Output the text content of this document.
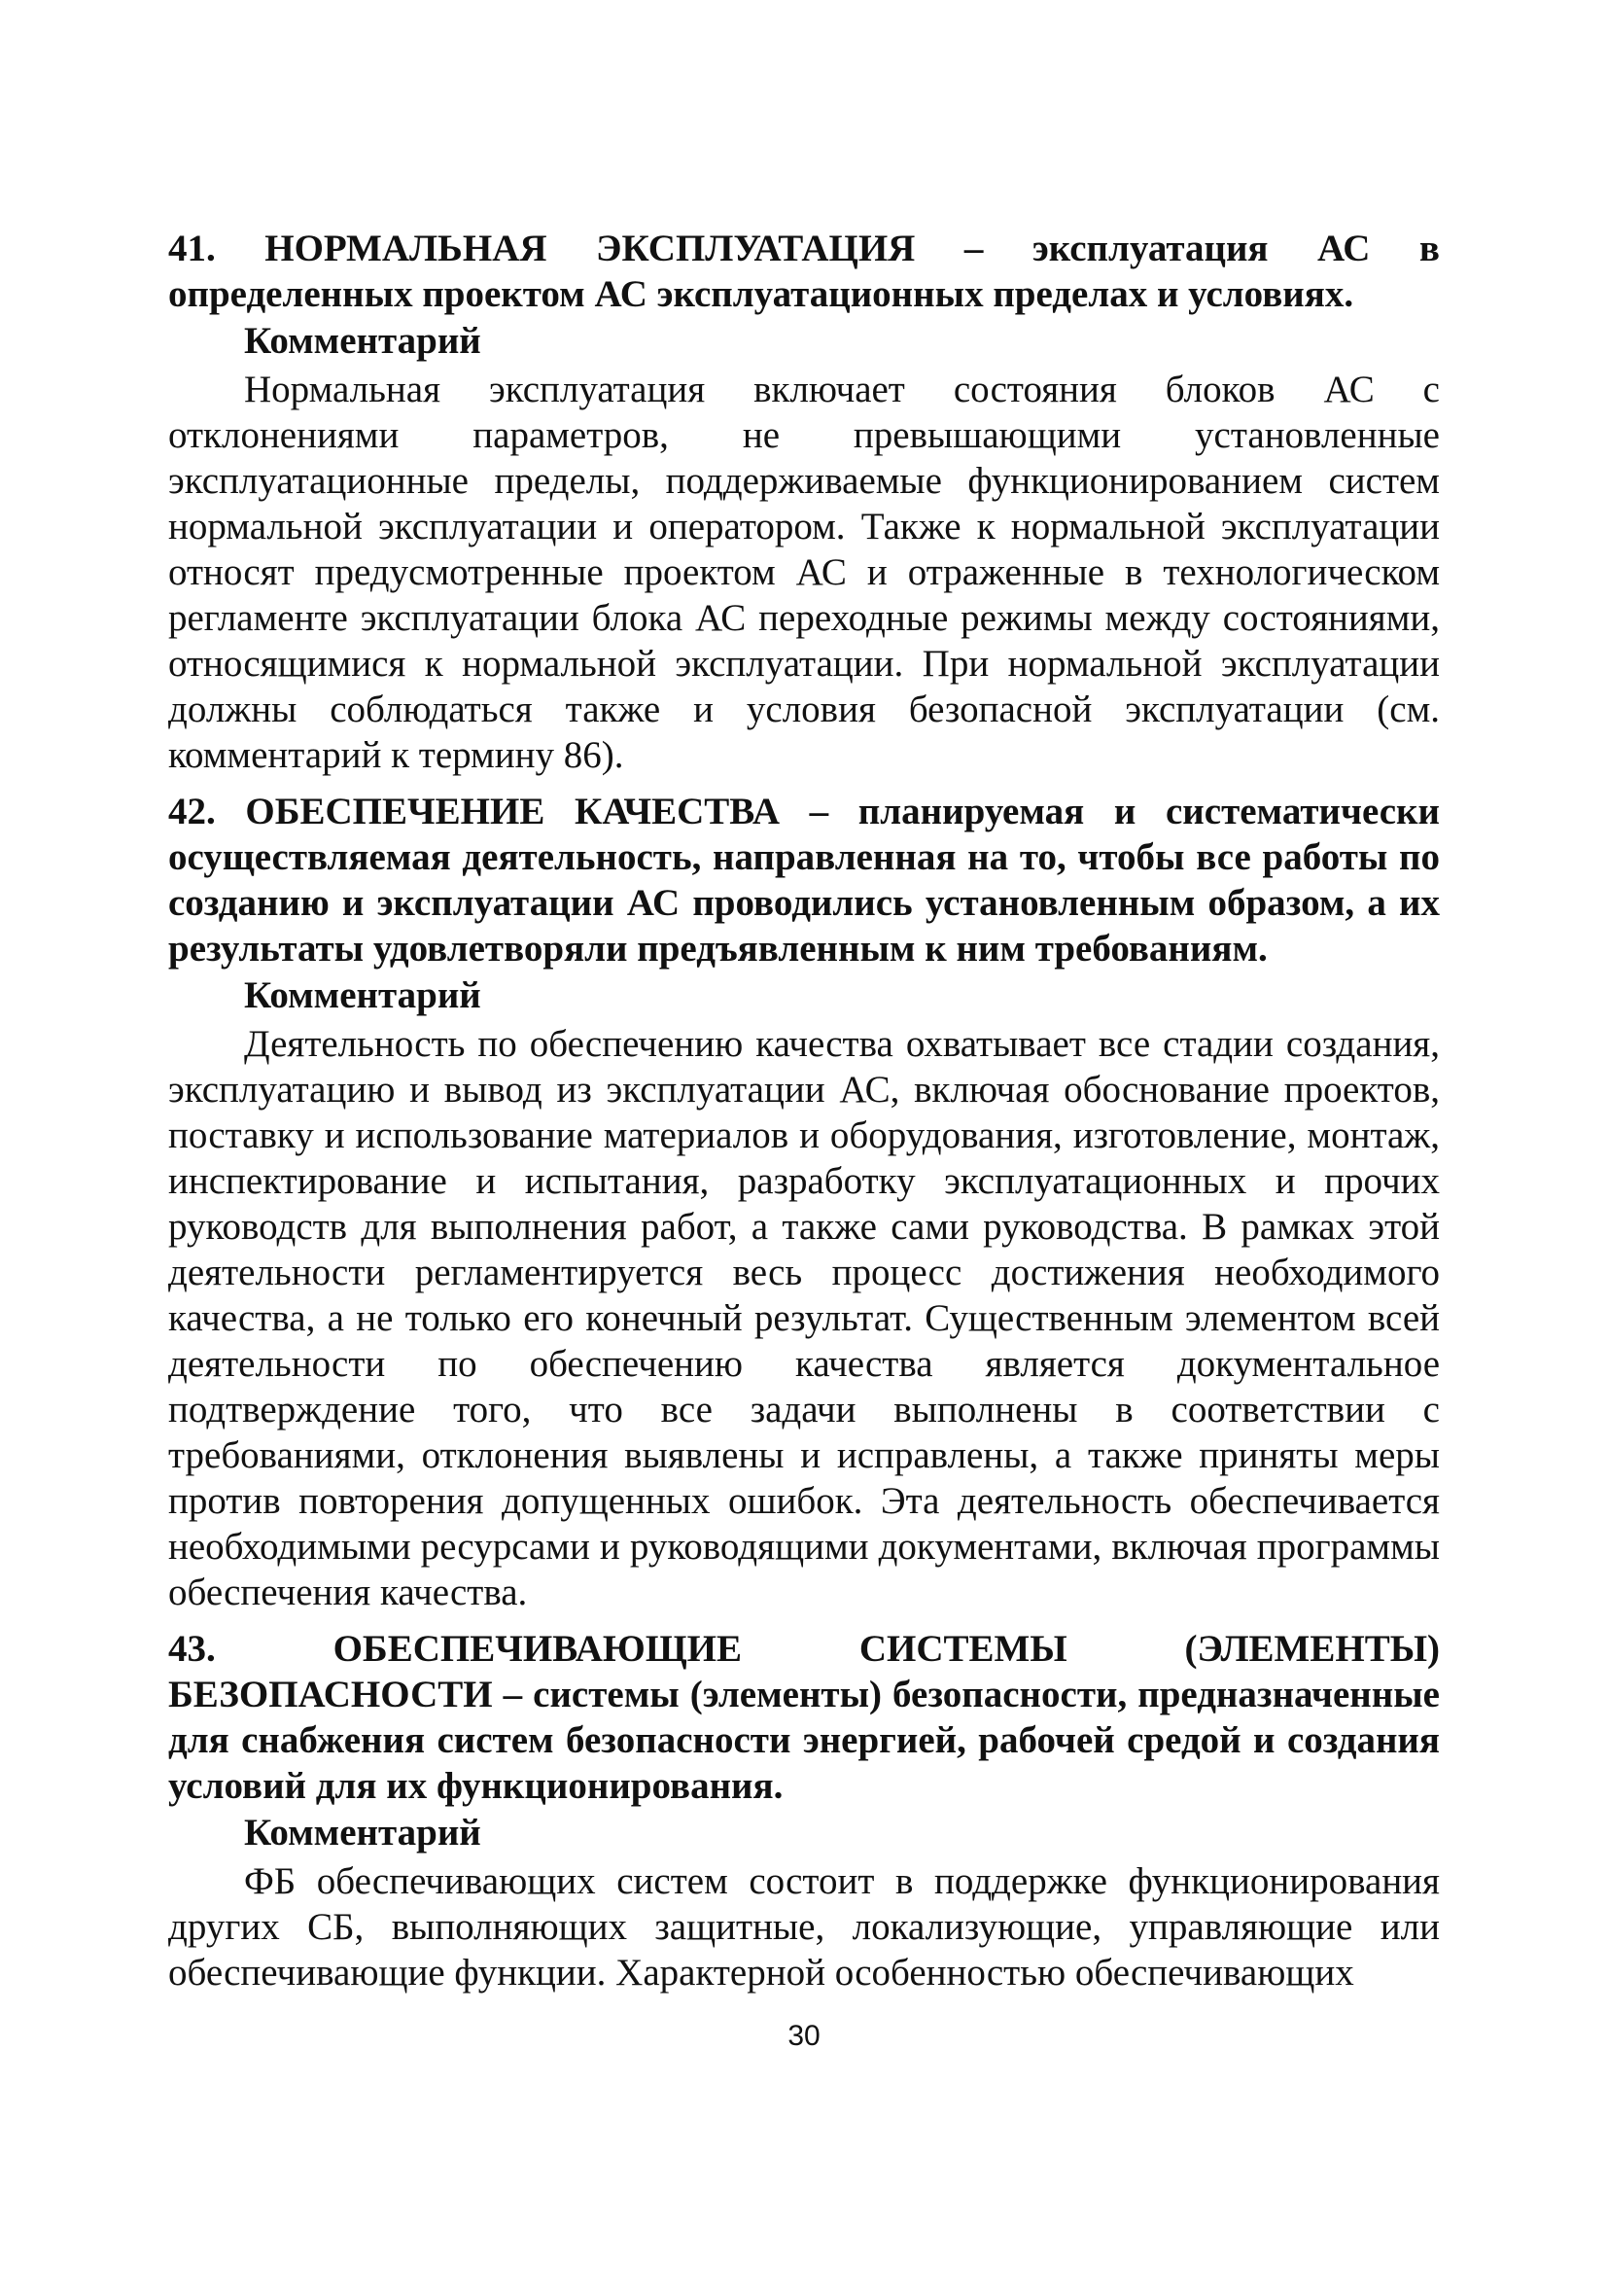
41. НОРМАЛЬНАЯ ЭКСПЛУАТАЦИЯ – эксплуатация АС в определенных проектом АС эксплуатационных пределах и условиях.

Комментарий

Нормальная эксплуатация включает состояния блоков АС с отклонениями параметров, не превышающими установленные эксплуатационные пределы, поддерживаемые функционированием систем нормальной эксплуатации и оператором. Также к нормальной эксплуатации относят предусмотренные проектом АС и отраженные в технологическом регламенте эксплуатации блока АС переходные режимы между состояниями, относящимися к нормальной эксплуатации. При нормальной эксплуатации должны соблюдаться также и условия безопасной эксплуатации (см. комментарий к термину 86).

42. ОБЕСПЕЧЕНИЕ КАЧЕСТВА – планируемая и систематически осуществляемая деятельность, направленная на то, чтобы все работы по созданию и эксплуатации АС проводились установленным образом, а их результаты удовлетворяли предъявленным к ним требованиям.

Комментарий

Деятельность по обеспечению качества охватывает все стадии создания, эксплуатацию и вывод из эксплуатации АС, включая обоснование проектов, поставку и использование материалов и оборудования, изготовление, монтаж, инспектирование и испытания, разработку эксплуатационных и прочих руководств для выполнения работ, а также сами руководства. В рамках этой деятельности регламентируется весь процесс достижения необходимого качества, а не только его конечный результат. Существенным элементом всей деятельности по обеспечению качества является документальное подтверждение того, что все задачи выполнены в соответствии с требованиями, отклонения выявлены и исправлены, а также приняты меры против повторения допущенных ошибок. Эта деятельность обеспечивается необходимыми ресурсами и руководящими документами, включая программы обеспечения качества.

43. ОБЕСПЕЧИВАЮЩИЕ СИСТЕМЫ (ЭЛЕМЕНТЫ) БЕЗОПАСНОСТИ – системы (элементы) безопасности, предназначенные для снабжения систем безопасности энергией, рабочей средой и создания условий для их функционирования.

Комментарий

ФБ обеспечивающих систем состоит в поддержке функционирования других СБ, выполняющих защитные, локализующие, управляющие или обеспечивающие функции. Характерной особенностью обеспечивающих

30
